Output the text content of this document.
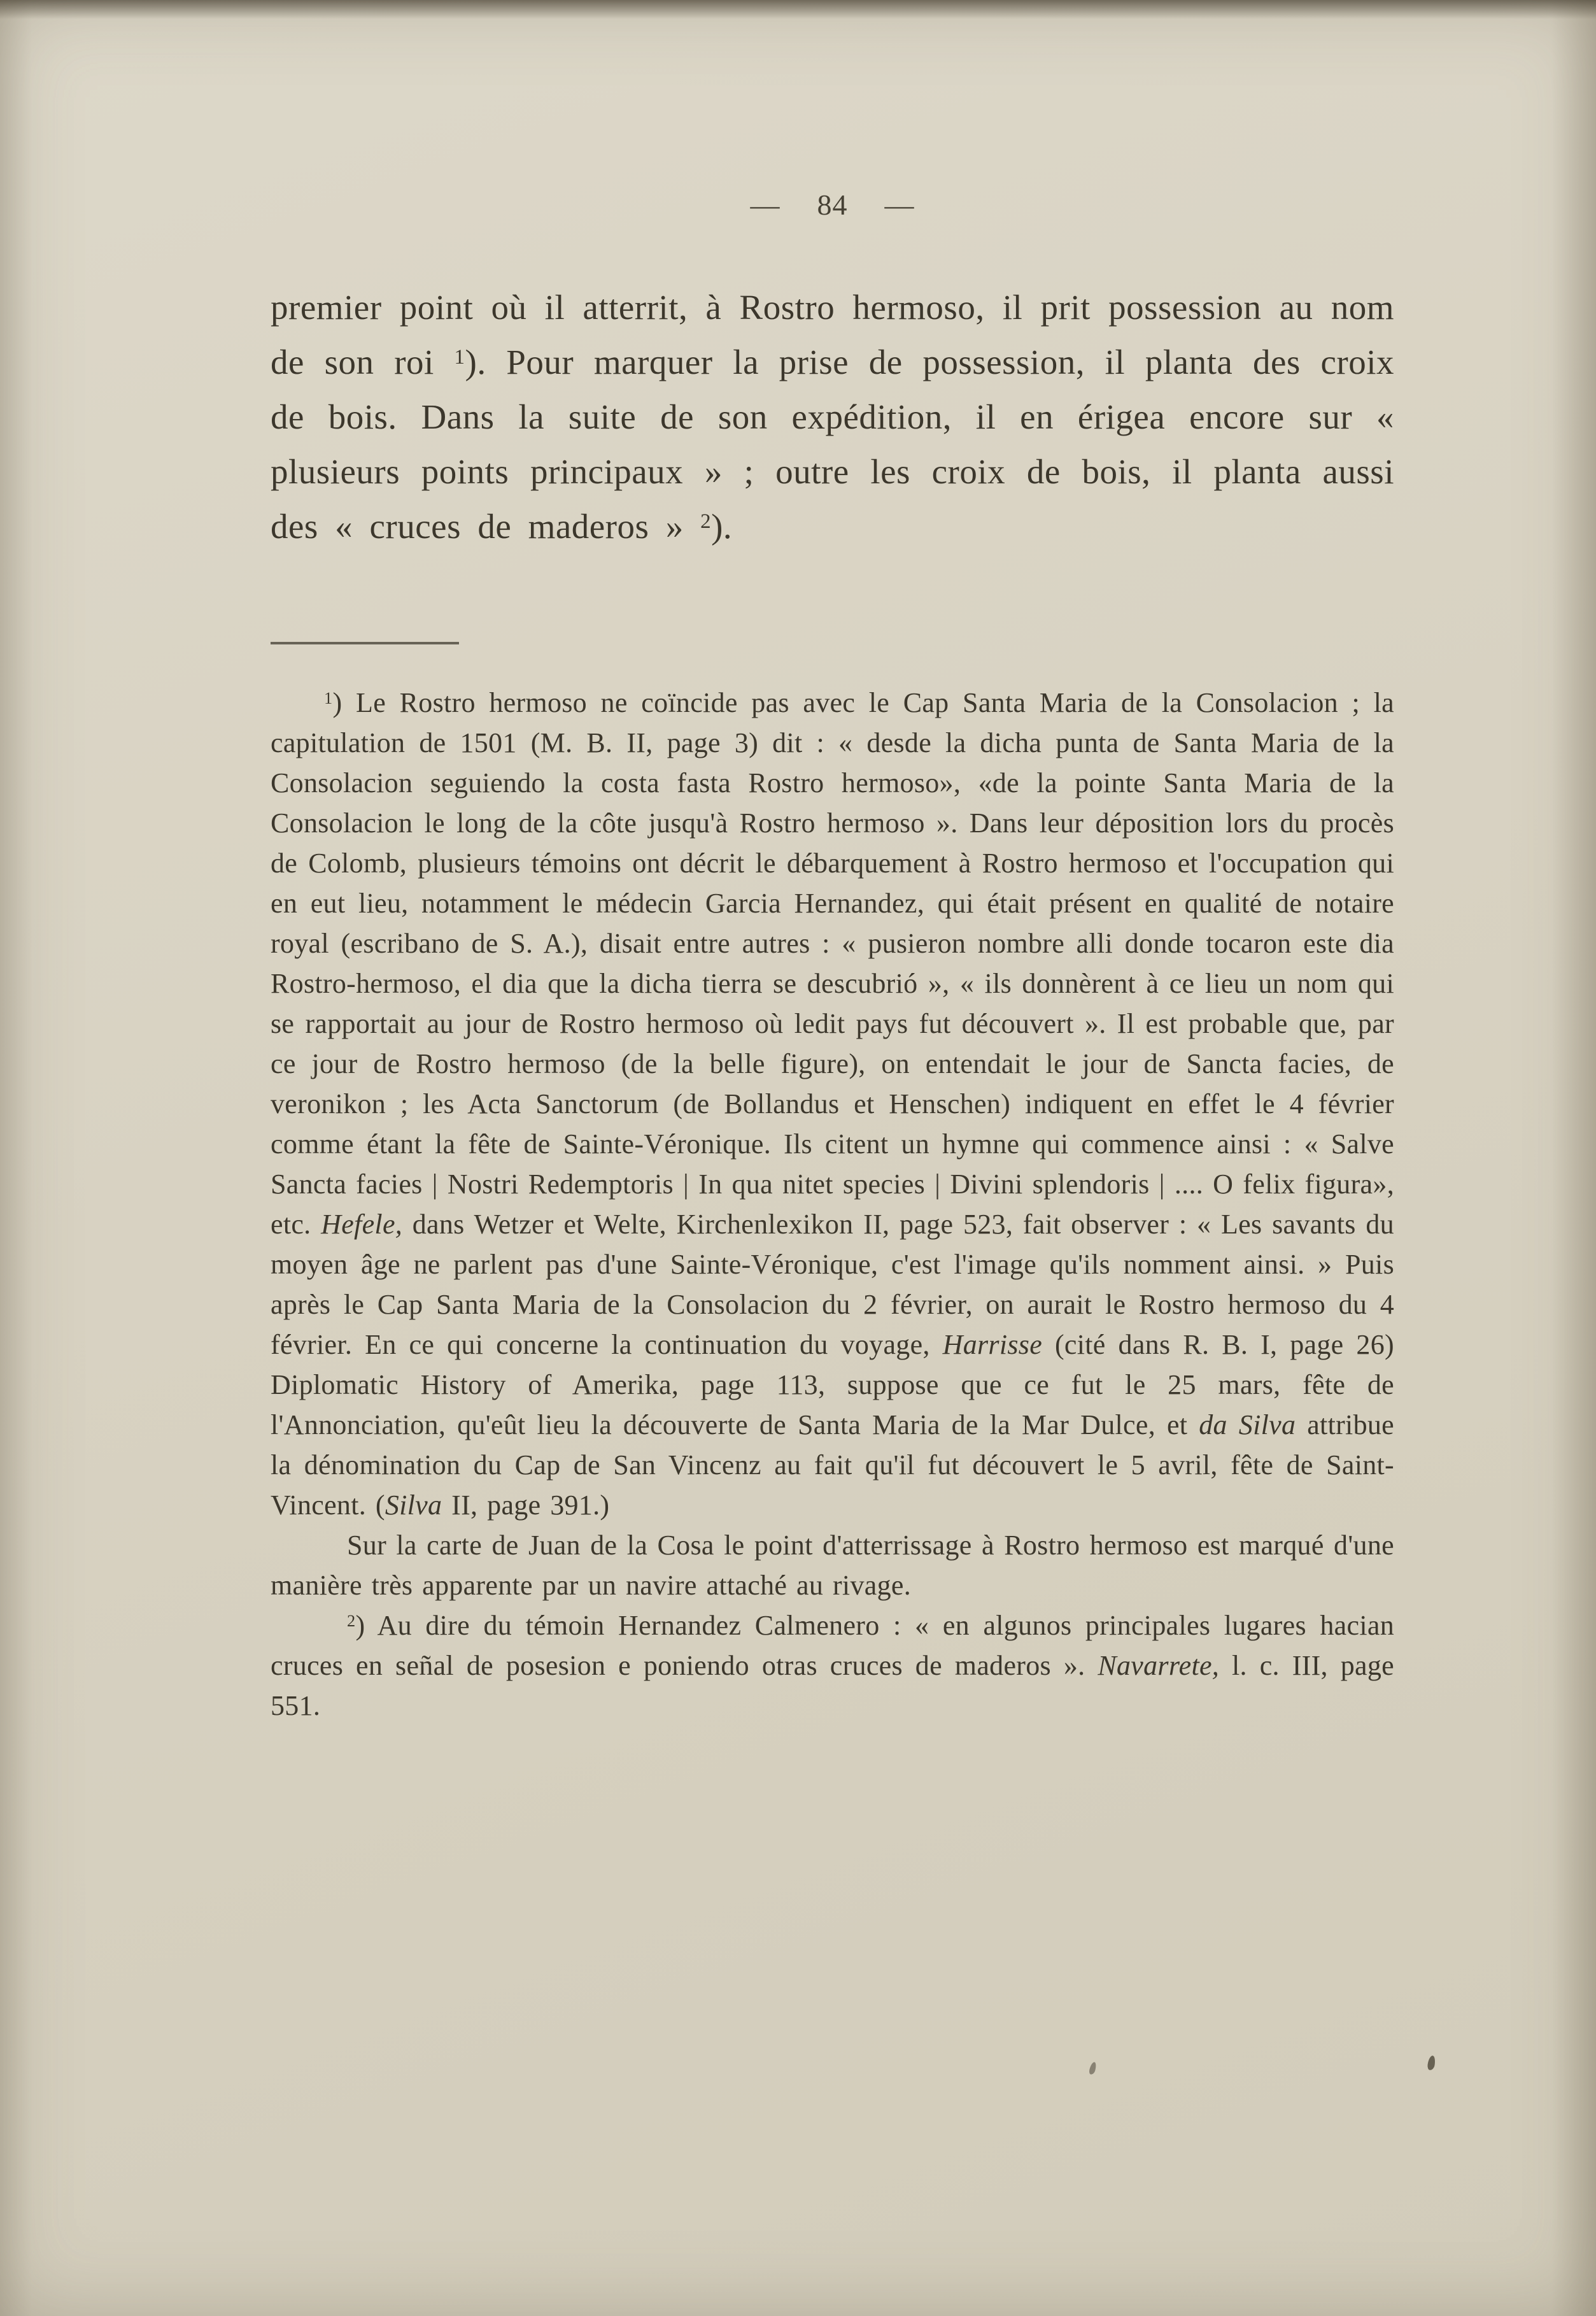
— 84 —

premier point où il atterrit, à Rostro hermoso, il prit possession au nom de son roi $^1$). Pour marquer la prise de possession, il planta des croix de bois. Dans la suite de son expédition, il en érigea encore sur « plusieurs points principaux » ; outre les croix de bois, il planta aussi des « cruces de maderos » $^2$).

$^1$) Le Rostro hermoso ne coïncide pas avec le Cap Santa Maria de la Consolacion ; la capitulation de 1501 (M. B. II, page 3) dit : « desde la dicha punta de Santa Maria de la Consolacion seguiendo la costa fasta Rostro hermoso», «de la pointe Santa Maria de la Consolacion le long de la côte jusqu'à Rostro hermoso ». Dans leur déposition lors du procès de Colomb, plusieurs témoins ont décrit le débarquement à Rostro hermoso et l'occupation qui en eut lieu, notamment le médecin Garcia Hernandez, qui était présent en qualité de notaire royal (escribano de S. A.), disait entre autres : « pusieron nombre alli donde tocaron este dia Rostro-hermoso, el dia que la dicha tierra se descubrió », « ils donnèrent à ce lieu un nom qui se rapportait au jour de Rostro hermoso où ledit pays fut découvert ». Il est probable que, par ce jour de Rostro hermoso (de la belle figure), on entendait le jour de Sancta facies, de veronikon ; les Acta Sanctorum (de Bollandus et Henschen) indiquent en effet le 4 février comme étant la fête de Sainte-Véronique. Ils citent un hymne qui commence ainsi : « Salve Sancta facies | Nostri Redemptoris | In qua nitet species | Divini splendoris | .... O felix figura», etc. Hefele, dans Wetzer et Welte, Kirchenlexikon II, page 523, fait observer : « Les savants du moyen âge ne parlent pas d'une Sainte-Véronique, c'est l'image qu'ils nomment ainsi. » Puis après le Cap Santa Maria de la Consolacion du 2 février, on aurait le Rostro hermoso du 4 février. En ce qui concerne la continuation du voyage, Harrisse (cité dans R. B. I, page 26) Diplomatic History of Amerika, page 113, suppose que ce fut le 25 mars, fête de l'Annonciation, qu'eût lieu la découverte de Santa Maria de la Mar Dulce, et da Silva attribue la dénomination du Cap de San Vincenz au fait qu'il fut découvert le 5 avril, fête de Saint-Vincent. (Silva II, page 391.)

Sur la carte de Juan de la Cosa le point d'atterrissage à Rostro hermoso est marqué d'une manière très apparente par un navire attaché au rivage.

$^2$) Au dire du témoin Hernandez Calmenero : « en algunos principales lugares hacian cruces en señal de posesion e poniendo otras cruces de maderos ». Navarrete, l. c. III, page 551.
